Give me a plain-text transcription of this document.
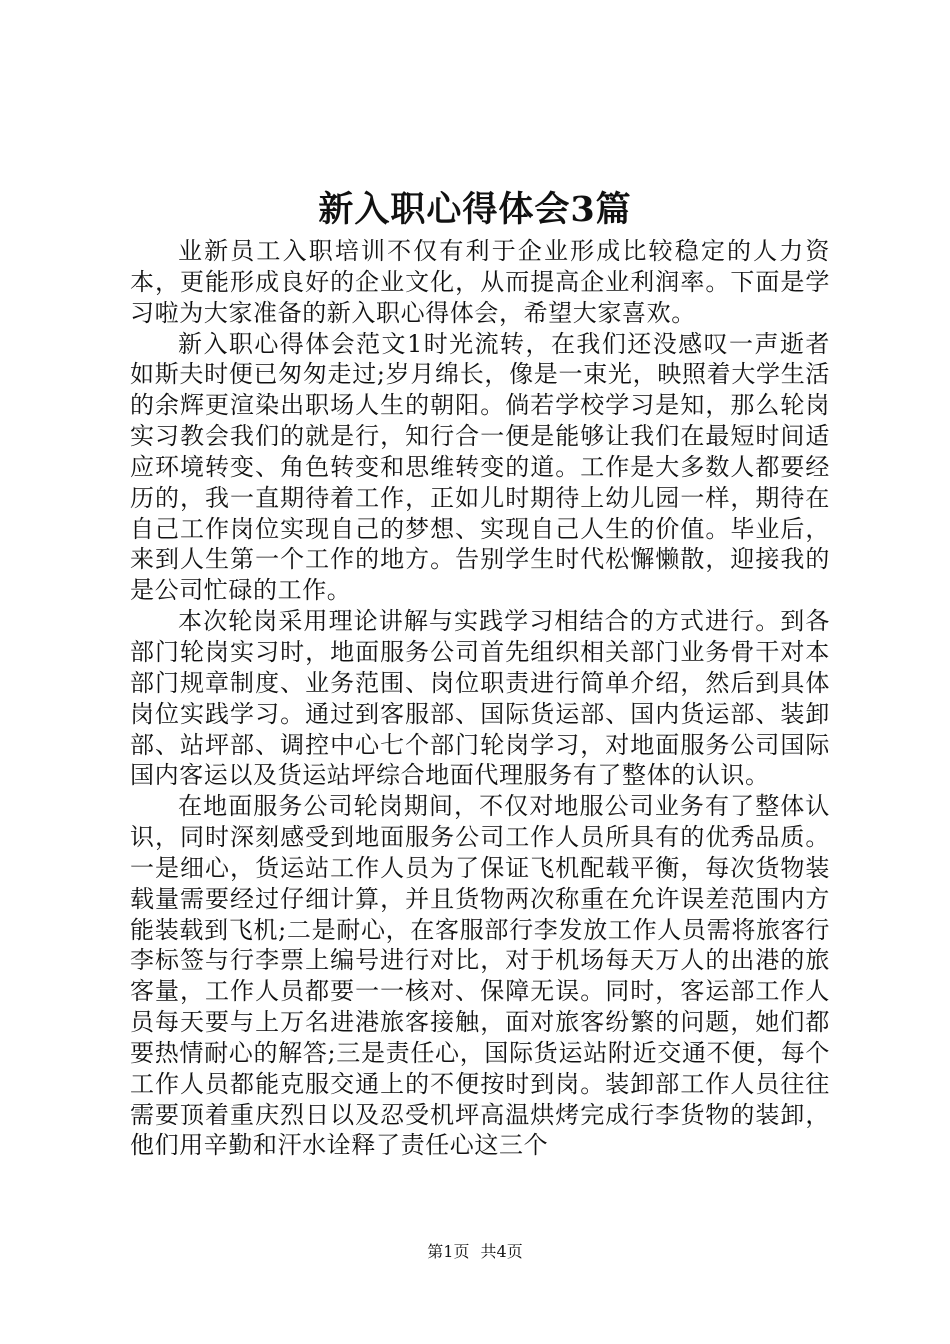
新入职心得体会3篇

业新员工入职培训不仅有利于企业形成比较稳定的人力资本，更能形成良好的企业文化，从而提高企业利润率。下面是学习啦为大家准备的新入职心得体会，希望大家喜欢。

新入职心得体会范文1时光流转，在我们还没感叹一声逝者如斯夫时便已匆匆走过;岁月绵长，像是一束光，映照着大学生活的余辉更渲染出职场人生的朝阳。倘若学校学习是知，那么轮岗实习教会我们的就是行，知行合一便是能够让我们在最短时间适应环境转变、角色转变和思维转变的道。工作是大多数人都要经历的，我一直期待着工作，正如儿时期待上幼儿园一样，期待在自己工作岗位实现自己的梦想、实现自己人生的价值。毕业后，来到人生第一个工作的地方。告别学生时代松懈懒散，迎接我的是公司忙碌的工作。

本次轮岗采用理论讲解与实践学习相结合的方式进行。到各部门轮岗实习时，地面服务公司首先组织相关部门业务骨干对本部门规章制度、业务范围、岗位职责进行简单介绍，然后到具体岗位实践学习。通过到客服部、国际货运部、国内货运部、装卸部、站坪部、调控中心七个部门轮岗学习，对地面服务公司国际国内客运以及货运站坪综合地面代理服务有了整体的认识。

在地面服务公司轮岗期间，不仅对地服公司业务有了整体认识，同时深刻感受到地面服务公司工作人员所具有的优秀品质。一是细心，货运站工作人员为了保证飞机配载平衡，每次货物装载量需要经过仔细计算，并且货物两次称重在允许误差范围内方能装载到飞机;二是耐心，在客服部行李发放工作人员需将旅客行李标签与行李票上编号进行对比，对于机场每天万人的出港的旅客量，工作人员都要一一核对、保障无误。同时，客运部工作人员每天要与上万名进港旅客接触，面对旅客纷繁的问题，她们都要热情耐心的解答;三是责任心，国际货运站附近交通不便，每个工作人员都能克服交通上的不便按时到岗。装卸部工作人员往往需要顶着重庆烈日以及忍受机坪高温烘烤完成行李货物的装卸，他们用辛勤和汗水诠释了责任心这三个

第1页 共4页
